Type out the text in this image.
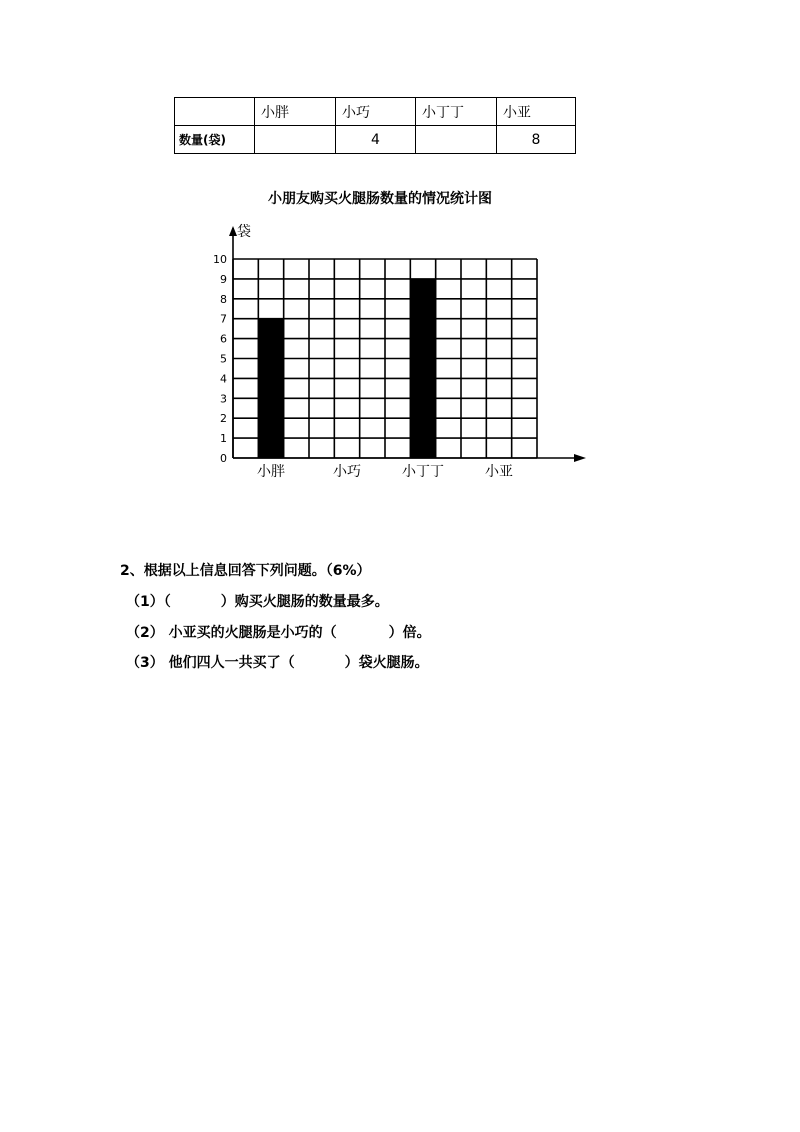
	小胖	小巧	小丁丁	小亚
数量(袋)		4		8
小朋友购买火腿肠数量的情况统计图
小胖	小巧	小丁丁	小亚
袋
0
1
2
3
4
5
6
7
8
9
10
2、根据以上信息回答下列问题。（6%）
（1）（	）购买火腿肠的数量最多。
（2） 小亚买的火腿肠是小巧的（	）倍。
（3） 他们四人一共买了（	）袋火腿肠。
